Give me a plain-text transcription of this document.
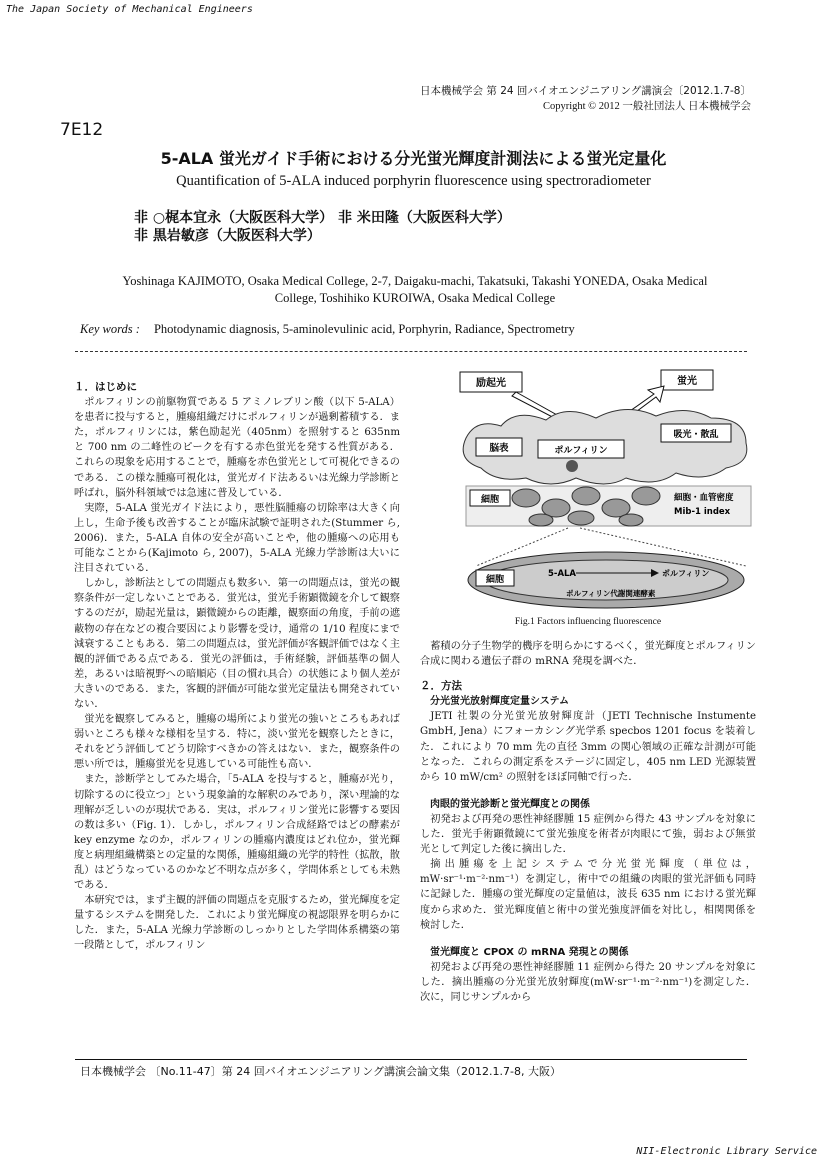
The Japan Society of Mechanical Engineers
日本機械学会 第 24 回バイオエンジニアリング講演会〔2012.1.7-8〕
Copyright © 2012 一般社団法人 日本機械学会
7E12
5-ALA 蛍光ガイド手術における分光蛍光輝度計測法による蛍光定量化
Quantification of 5-ALA induced porphyrin fluorescence using spectroradiometer
非 ○梶本宜永（大阪医科大学） 非 米田隆（大阪医科大学）
非 黒岩敏彦（大阪医科大学）
Yoshinaga KAJIMOTO, Osaka Medical College, 2-7, Daigaku-machi, Takatsuki, Takashi YONEDA, Osaka Medical
College, Toshihiko KUROIWA, Osaka Medical College
Key words : Photodynamic diagnosis, 5-aminolevulinic acid, Porphyrin, Radiance, Spectrometry
１．はじめに

ポルフィリンの前駆物質である 5 アミノレブリン酸（以下 5-ALA）を患者に投与すると，腫瘍組織だけにポルフィリンが過剰蓄積する．また，ポルフィリンには，紫色励起光（405nm）を照射すると 635nm と 700 nm の二峰性のピークを有する赤色蛍光を発する性質がある．これらの現象を応用することで，腫瘍を赤色蛍光として可視化できるのである．この様な腫瘍可視化は，蛍光ガイド法あるいは光線力学診断と呼ばれ，脳外科領域では急速に普及している．

実際，5-ALA 蛍光ガイド法により，悪性脳腫瘍の切除率は大きく向上し，生命予後も改善することが臨床試験で証明された(Stummer ら, 2006)．また，5-ALA 自体の安全が高いことや，他の腫瘍への応用も可能なことから(Kajimoto ら, 2007)，5-ALA 光線力学診断は大いに注目されている．

しかし，診断法としての問題点も数多い．第一の問題点は，蛍光の観察条件が一定しないことである．蛍光は，蛍光手術顕微鏡を介して観察するのだが，励起光量は，顕微鏡からの距離，観察面の角度，手前の遮蔽物の存在などの複合要因により影響を受け，通常の 1/10 程度にまで減衰することもある．第二の問題点は，蛍光評価が客観評価ではなく主観的評価である点である．蛍光の評価は，手術経験，評価基準の個人差，あるいは暗視野への暗順応（目の慣れ具合）の状態により個人差が大きいのである．また，客観的評価が可能な蛍光定量法も開発されていない．

蛍光を観察してみると，腫瘍の場所により蛍光の強いところもあれば弱いところも様々な様相を呈する．特に，淡い蛍光を観察したときに，それをどう評価してどう切除すべきかの答えはない．また，観察条件の悪い所では，腫瘍蛍光を見逃している可能性も高い．

また，診断学としてみた場合，「5-ALA を投与すると，腫瘍が光り，切除するのに役立つ」という現象論的な解釈のみであり，深い理論的な理解が乏しいのが現状である．実は，ポルフィリン蛍光に影響する要因の数は多い（Fig. 1）．しかし，ポルフィリン合成経路ではどの酵素が key enzyme なのか，ポルフィリンの腫瘍内濃度はどれ位か，蛍光輝度と病理組織構築との定量的な関係，腫瘍組織の光学的特性（拡散，散乱）はどうなっているのかなど不明な点が多く，学問体系としても未熟である．

本研究では，まず主観的評価の問題点を克服するため，蛍光輝度を定量するシステムを開発した．これにより蛍光輝度の視認限界を明らかにした．また，5-ALA 光線力学診断のしっかりとした学問体系構築の第一段階として，ポルフィリン

励起光	蛍光
脳表
吸光・散乱
ポルフィリン
細胞	細胞・血管密度
Mib-1 index
細胞
5-ALA	ポルフィリン
ポルフィリン代謝関連酵素
Fig.1 Factors influencing fluorescence

蓄積の分子生物学的機序を明らかにするべく，蛍光輝度とポルフィリン合成に関わる遺伝子群の mRNA 発現を調べた．

２．方法
分光蛍光放射輝度定量システム

JETI 社製の分光蛍光放射輝度計（JETI Technische Instumente GmbH, Jena）にフォーカシング光学系 specbos 1201 focus を装着した．これにより 70 mm 先の直径 3mm の関心領域の正確な計測が可能となった．これらの測定系をステージに固定し，405 nm LED 光源装置から 10 mW/cm² の照射をほぼ同軸で行った．

肉眼的蛍光診断と蛍光輝度との関係

初発および再発の悪性神経膠腫 15 症例から得た 43 サンプルを対象にした．蛍光手術顕微鏡にて蛍光強度を術者が肉眼にて強，弱および無蛍光として判定した後に摘出した．

摘出腫瘍を上記システムで分光蛍光輝度（単位は，mW·sr⁻¹·m⁻²·nm⁻¹）を測定し，術中での組織の肉眼的蛍光評価も同時に記録した．腫瘍の蛍光輝度の定量値は，波長 635 nm における蛍光輝度から求めた．蛍光輝度値と術中の蛍光強度評価を対比し，相関関係を検討した．

蛍光輝度と CPOX の mRNA 発現との関係

初発および再発の悪性神経膠腫 11 症例から得た 20 サンプルを対象にした．摘出腫瘍の分光蛍光放射輝度(mW·sr⁻¹·m⁻²·nm⁻¹)を測定した．次に，同じサンプルから

日本機械学会 〔No.11-47〕第 24 回バイオエンジニアリング講演会論文集（2012.1.7-8, 大阪）
NII-Electronic Library Service
